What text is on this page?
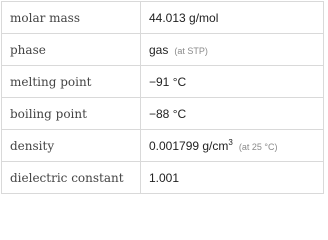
molar mass	44.013 g/mol
phase	gas (at STP)
melting point	−91 °C
boiling point	−88 °C
density	0.001799 $g/cm^3$ (at 25 °C)
dielectric constant	1.001
